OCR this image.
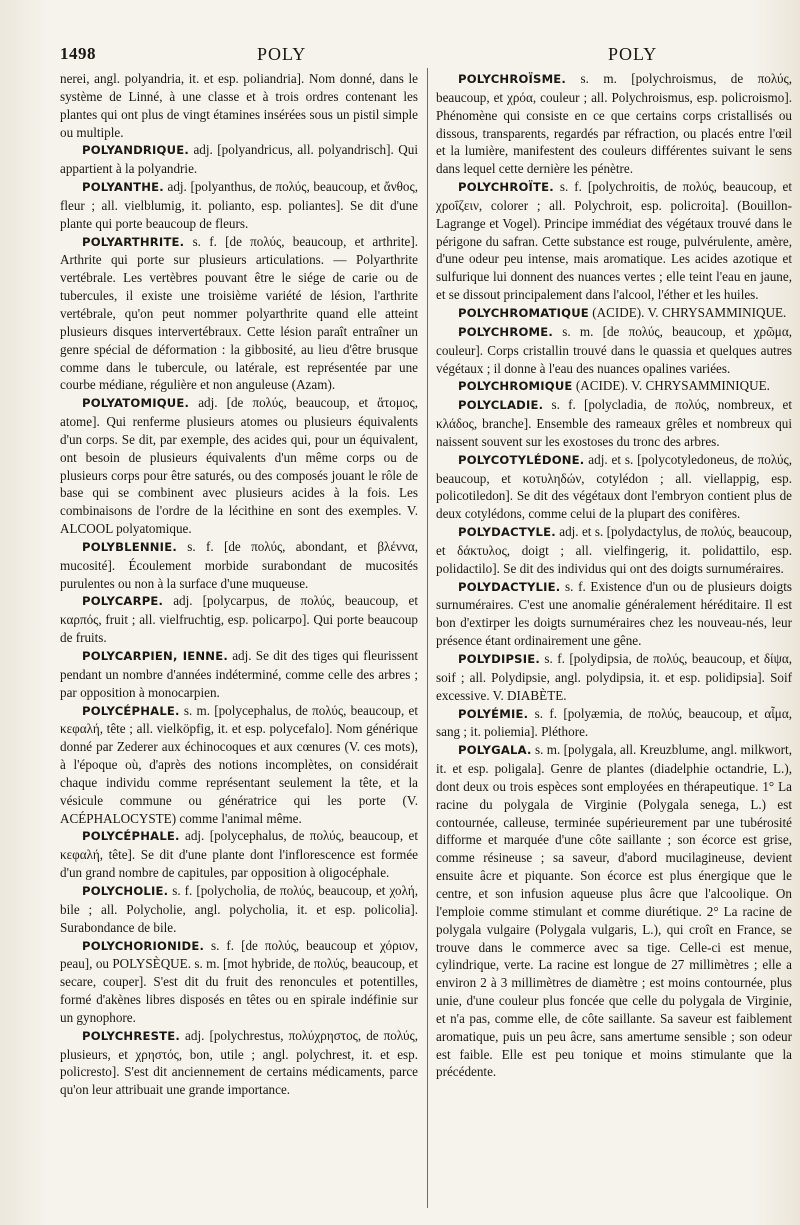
1498	POLY	POLY

nerei, angl. polyandria, it. et esp. poliandria]. Nom donné, dans le système de Linné, à une classe et à trois ordres contenant les plantes qui ont plus de vingt étamines insérées sous un pistil simple ou multiple.

POLYANDRIQUE. adj. [polyandricus, all. polyandrisch]. Qui appartient à la polyandrie.

POLYANTHE. adj. [polyanthus, de πολύς, beaucoup, et ἄνθος, fleur ; all. vielblumig, it. polianto, esp. poliantes]. Se dit d'une plante qui porte beaucoup de fleurs.

POLYARTHRITE. s. f. [de πολύς, beaucoup, et arthrite]. Arthrite qui porte sur plusieurs articulations. — Polyarthrite vertébrale. Les vertèbres pouvant être le siége de carie ou de tubercules, il existe une troisième variété de lésion, l'arthrite vertébrale, qu'on peut nommer polyarthrite quand elle atteint plusieurs disques intervertébraux. Cette lésion paraît entraîner un genre spécial de déformation : la gibbosité, au lieu d'être brusque comme dans le tubercule, ou latérale, est représentée par une courbe médiane, régulière et non anguleuse (Azam).

POLYATOMIQUE. adj. [de πολύς, beaucoup, et ἄτομος, atome]. Qui renferme plusieurs atomes ou plusieurs équivalents d'un corps. Se dit, par exemple, des acides qui, pour un équivalent, ont besoin de plusieurs équivalents d'un même corps ou de plusieurs corps pour être saturés, ou des composés jouant le rôle de base qui se combinent avec plusieurs acides à la fois. Les combinaisons de l'ordre de la lécithine en sont des exemples. V. ALCOOL polyatomique.

POLYBLENNIE. s. f. [de πολύς, abondant, et βλέννα, mucosité]. Écoulement morbide surabondant de mucosités purulentes ou non à la surface d'une muqueuse.

POLYCARPE. adj. [polycarpus, de πολύς, beaucoup, et καρπός, fruit ; all. vielfruchtig, esp. policarpo]. Qui porte beaucoup de fruits.

POLYCARPIEN, IENNE. adj. Se dit des tiges qui fleurissent pendant un nombre d'années indéterminé, comme celle des arbres ; par opposition à monocarpien.

POLYCÉPHALE. s. m. [polycephalus, de πολύς, beaucoup, et κεφαλή, tête ; all. vielköpfig, it. et esp. polycefalo]. Nom générique donné par Zederer aux échinocoques et aux cœnures (V. ces mots), à l'époque où, d'après des notions incomplètes, on considérait chaque individu comme représentant seulement la tête, et la vésicule commune ou génératrice qui les porte (V. ACÉPHALOCYSTE) comme l'animal même.

POLYCÉPHALE. adj. [polycephalus, de πολύς, beaucoup, et κεφαλή, tête]. Se dit d'une plante dont l'inflorescence est formée d'un grand nombre de capitules, par opposition à oligocéphale.

POLYCHOLIE. s. f. [polycholia, de πολύς, beaucoup, et χολή, bile ; all. Polycholie, angl. polycholia, it. et esp. policolia]. Surabondance de bile.

POLYCHORIONIDE. s. f. [de πολύς, beaucoup et χόριον, peau], ou POLYSÈQUE. s. m. [mot hybride, de πολύς, beaucoup, et secare, couper]. S'est dit du fruit des renoncules et potentilles, formé d'akènes libres disposés en têtes ou en spirale indéfinie sur un gynophore.

POLYCHRESTE. adj. [polychrestus, πολύχρηστος, de πολύς, plusieurs, et χρηστός, bon, utile ; angl. polychrest, it. et esp. policresto]. S'est dit anciennement de certains médicaments, parce qu'on leur attribuait une grande importance.

POLYCHROÏSME. s. m. [polychroismus, de πολύς, beaucoup, et χρόα, couleur ; all. Polychroismus, esp. policroismo]. Phénomène qui consiste en ce que certains corps cristallisés ou dissous, transparents, regardés par réfraction, ou placés entre l'œil et la lumière, manifestent des couleurs différentes suivant le sens dans lequel cette dernière les pénètre.

POLYCHROÏTE. s. f. [polychroitis, de πολύς, beaucoup, et χροΐζειν, colorer ; all. Polychroit, esp. policroita]. (Bouillon-Lagrange et Vogel). Principe immédiat des végétaux trouvé dans le périgone du safran. Cette substance est rouge, pulvérulente, amère, d'une odeur peu intense, mais aromatique. Les acides azotique et sulfurique lui donnent des nuances vertes ; elle teint l'eau en jaune, et se dissout principalement dans l'alcool, l'éther et les huiles.

POLYCHROMATIQUE (ACIDE). V. CHRYSAMMINIQUE.

POLYCHROME. s. m. [de πολύς, beaucoup, et χρῶμα, couleur]. Corps cristallin trouvé dans le quassia et quelques autres végétaux ; il donne à l'eau des nuances opalines variées.

POLYCHROMIQUE (ACIDE). V. CHRYSAMMINIQUE.

POLYCLADIE. s. f. [polycladia, de πολύς, nombreux, et κλάδος, branche]. Ensemble des rameaux grêles et nombreux qui naissent souvent sur les exostoses du tronc des arbres.

POLYCOTYLÉDONE. adj. et s. [polycotyledoneus, de πολύς, beaucoup, et κοτυληδών, cotylédon ; all. viellappig, esp. policotiledon]. Se dit des végétaux dont l'embryon contient plus de deux cotylédons, comme celui de la plupart des conifères.

POLYDACTYLE. adj. et s. [polydactylus, de πολύς, beaucoup, et δάκτυλος, doigt ; all. vielfingerig, it. polidattilo, esp. polidactilo]. Se dit des individus qui ont des doigts surnuméraires.

POLYDACTYLIE. s. f. Existence d'un ou de plusieurs doigts surnuméraires. C'est une anomalie généralement héréditaire. Il est bon d'extirper les doigts surnuméraires chez les nouveau-nés, leur présence étant ordinairement une gêne.

POLYDIPSIE. s. f. [polydipsia, de πολύς, beaucoup, et δίψα, soif ; all. Polydipsie, angl. polydipsia, it. et esp. polidipsia]. Soif excessive. V. DIABÈTE.

POLYÉMIE. s. f. [polyæmia, de πολύς, beaucoup, et αἷμα, sang ; it. poliemia]. Pléthore.

POLYGALA. s. m. [polygala, all. Kreuzblume, angl. milkwort, it. et esp. poligala]. Genre de plantes (diadelphie octandrie, L.), dont deux ou trois espèces sont employées en thérapeutique. 1° La racine du polygala de Virginie (Polygala senega, L.) est contournée, calleuse, terminée supérieurement par une tubérosité difforme et marquée d'une côte saillante ; son écorce est grise, comme résineuse ; sa saveur, d'abord mucilagineuse, devient ensuite âcre et piquante. Son écorce est plus énergique que le centre, et son infusion aqueuse plus âcre que l'alcoolique. On l'emploie comme stimulant et comme diurétique. 2° La racine de polygala vulgaire (Polygala vulgaris, L.), qui croît en France, se trouve dans le commerce avec sa tige. Celle-ci est menue, cylindrique, verte. La racine est longue de 27 millimètres ; elle a environ 2 à 3 millimètres de diamètre ; est moins contournée, plus unie, d'une couleur plus foncée que celle du polygala de Virginie, et n'a pas, comme elle, de côte saillante. Sa saveur est faiblement aromatique, puis un peu âcre, sans amertume sensible ; son odeur est faible. Elle est peu tonique et moins stimulante que la précédente.
